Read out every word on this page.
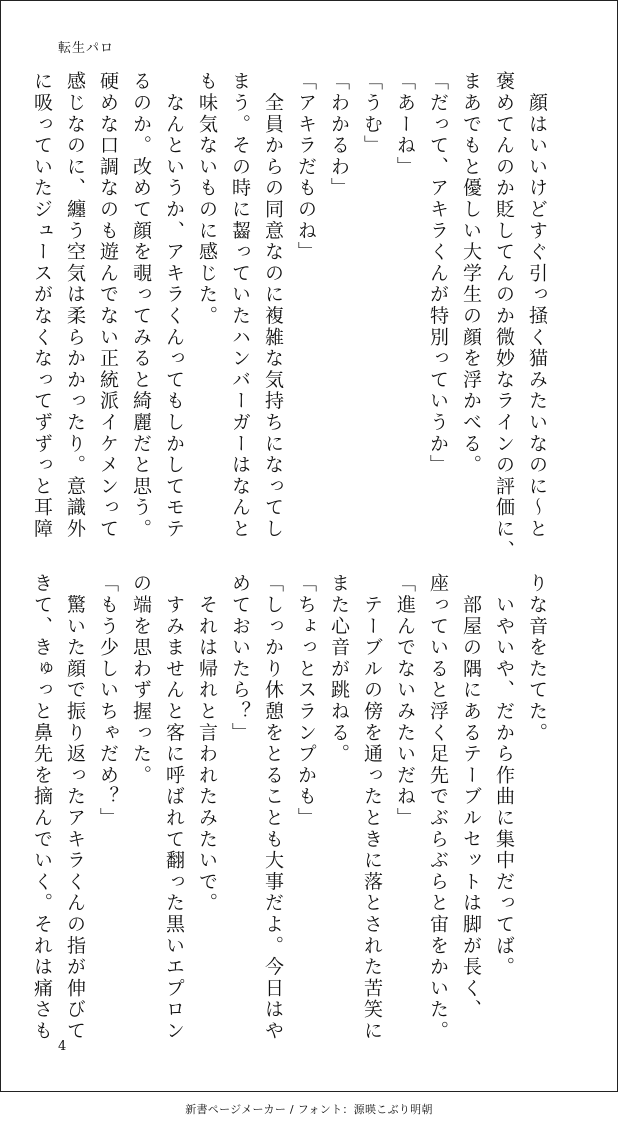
転生パロ
　顔はいいけどすぐ引っ掻く猫みたいなのに〜と
褒めてんのか貶してんのか微妙なラインの評価に、
まあでもと優しい大学生の顔を浮かべる。
「だって、アキラくんが特別っていうか」
「あーね」
「うむ」
「わかるわ」
「アキラだものね」
　全員からの同意なのに複雑な気持ちになってし
まう。その時に齧っていたハンバーガーはなんと
も味気ないものに感じた。
　なんというか、アキラくんってもしかしてモテ
るのか。改めて顔を覗ってみると綺麗だと思う。
硬めな口調なのも遊んでない正統派イケメンって
感じなのに、纏う空気は柔らかかったり。意識外
に吸っていたジュースがなくなってずずっと耳障
りな音をたてた。
　いやいや、だから作曲に集中だってば。
　部屋の隅にあるテーブルセットは脚が長く、
座っていると浮く足先でぶらぶらと宙をかいた。
「進んでないみたいだね」
　テーブルの傍を通ったときに落とされた苦笑に
また心音が跳ねる。
「ちょっとスランプかも」
「しっかり休憩をとることも大事だよ。今日はや
めておいたら？」
　それは帰れと言われたみたいで。
　すみませんと客に呼ばれて翻った黒いエプロン
の端を思わず握った。
「もう少しいちゃだめ？」
　驚いた顔で振り返ったアキラくんの指が伸びて
きて、きゅっと鼻先を摘んでいく。それは痛さも
4
新書ページメーカー / フォント：源暎こぶり明朝
